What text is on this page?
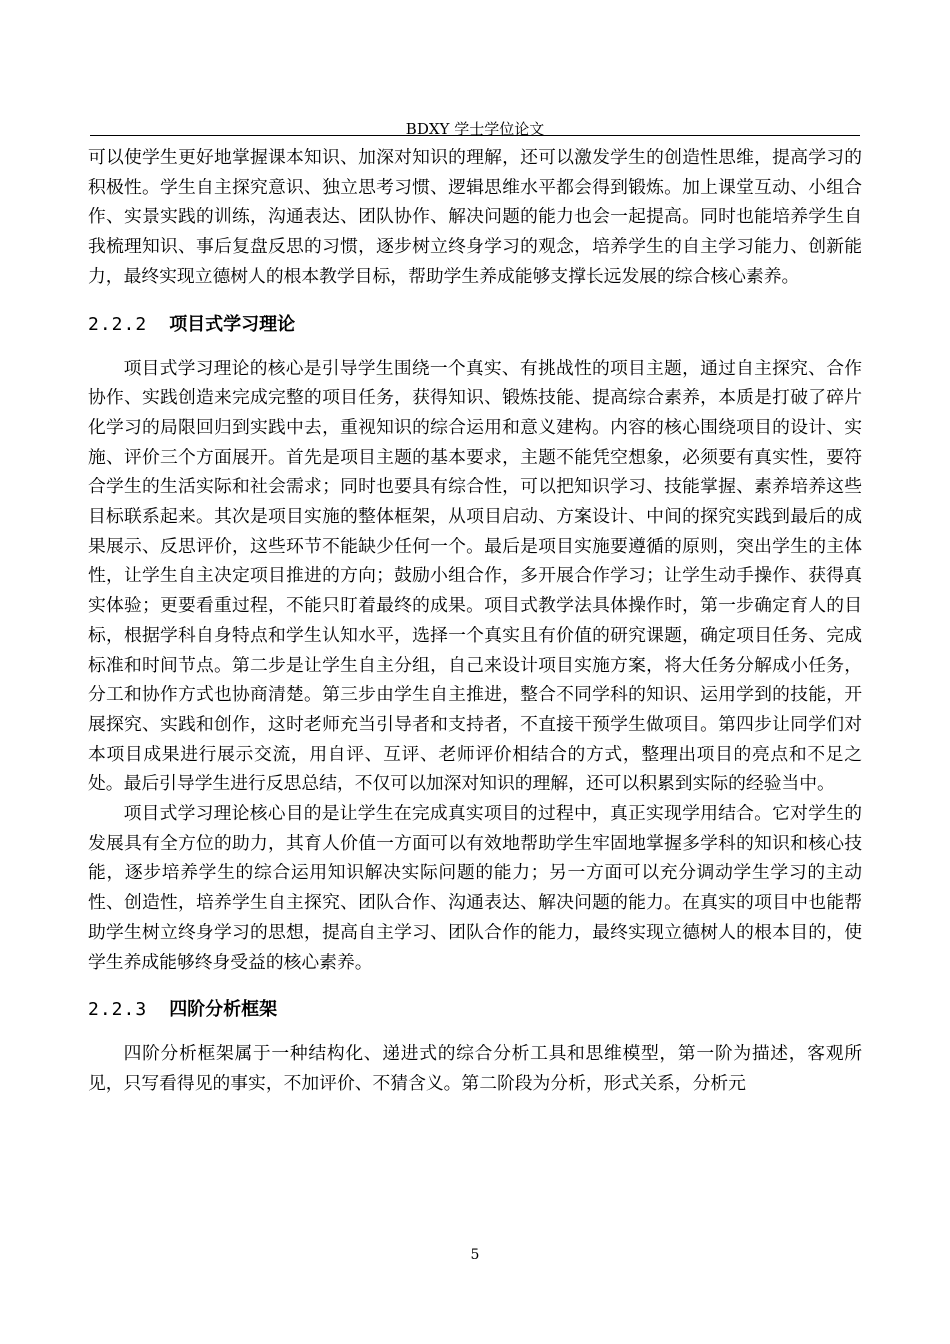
BDXY 学士学位论文

可以使学生更好地掌握课本知识、加深对知识的理解，还可以激发学生的创造性思维，提高学习的积极性。学生自主探究意识、独立思考习惯、逻辑思维水平都会得到锻炼。加上课堂互动、小组合作、实景实践的训练，沟通表达、团队协作、解决问题的能力也会一起提高。同时也能培养学生自我梳理知识、事后复盘反思的习惯，逐步树立终身学习的观念，培养学生的自主学习能力、创新能力，最终实现立德树人的根本教学目标，帮助学生养成能够支撑长远发展的综合核心素养。

2.2.2 项目式学习理论

项目式学习理论的核心是引导学生围绕一个真实、有挑战性的项目主题，通过自主探究、合作协作、实践创造来完成完整的项目任务，获得知识、锻炼技能、提高综合素养，本质是打破了碎片化学习的局限回归到实践中去，重视知识的综合运用和意义建构。内容的核心围绕项目的设计、实施、评价三个方面展开。首先是项目主题的基本要求，主题不能凭空想象，必须要有真实性，要符合学生的生活实际和社会需求；同时也要具有综合性，可以把知识学习、技能掌握、素养培养这些目标联系起来。其次是项目实施的整体框架，从项目启动、方案设计、中间的探究实践到最后的成果展示、反思评价，这些环节不能缺少任何一个。最后是项目实施要遵循的原则，突出学生的主体性，让学生自主决定项目推进的方向；鼓励小组合作，多开展合作学习；让学生动手操作、获得真实体验；更要看重过程，不能只盯着最终的成果。项目式教学法具体操作时，第一步确定育人的目标，根据学科自身特点和学生认知水平，选择一个真实且有价值的研究课题，确定项目任务、完成标准和时间节点。第二步是让学生自主分组，自己来设计项目实施方案，将大任务分解成小任务，分工和协作方式也协商清楚。第三步由学生自主推进，整合不同学科的知识、运用学到的技能，开展探究、实践和创作，这时老师充当引导者和支持者，不直接干预学生做项目。第四步让同学们对本项目成果进行展示交流，用自评、互评、老师评价相结合的方式，整理出项目的亮点和不足之处。最后引导学生进行反思总结，不仅可以加深对知识的理解，还可以积累到实际的经验当中。

项目式学习理论核心目的是让学生在完成真实项目的过程中，真正实现学用结合。它对学生的发展具有全方位的助力，其育人价值一方面可以有效地帮助学生牢固地掌握多学科的知识和核心技能，逐步培养学生的综合运用知识解决实际问题的能力；另一方面可以充分调动学生学习的主动性、创造性，培养学生自主探究、团队合作、沟通表达、解决问题的能力。在真实的项目中也能帮助学生树立终身学习的思想，提高自主学习、团队合作的能力，最终实现立德树人的根本目的，使学生养成能够终身受益的核心素养。

2.2.3 四阶分析框架

四阶分析框架属于一种结构化、递进式的综合分析工具和思维模型，第一阶为描述，客观所见，只写看得见的事实，不加评价、不猜含义。第二阶段为分析，形式关系，分析元

5
